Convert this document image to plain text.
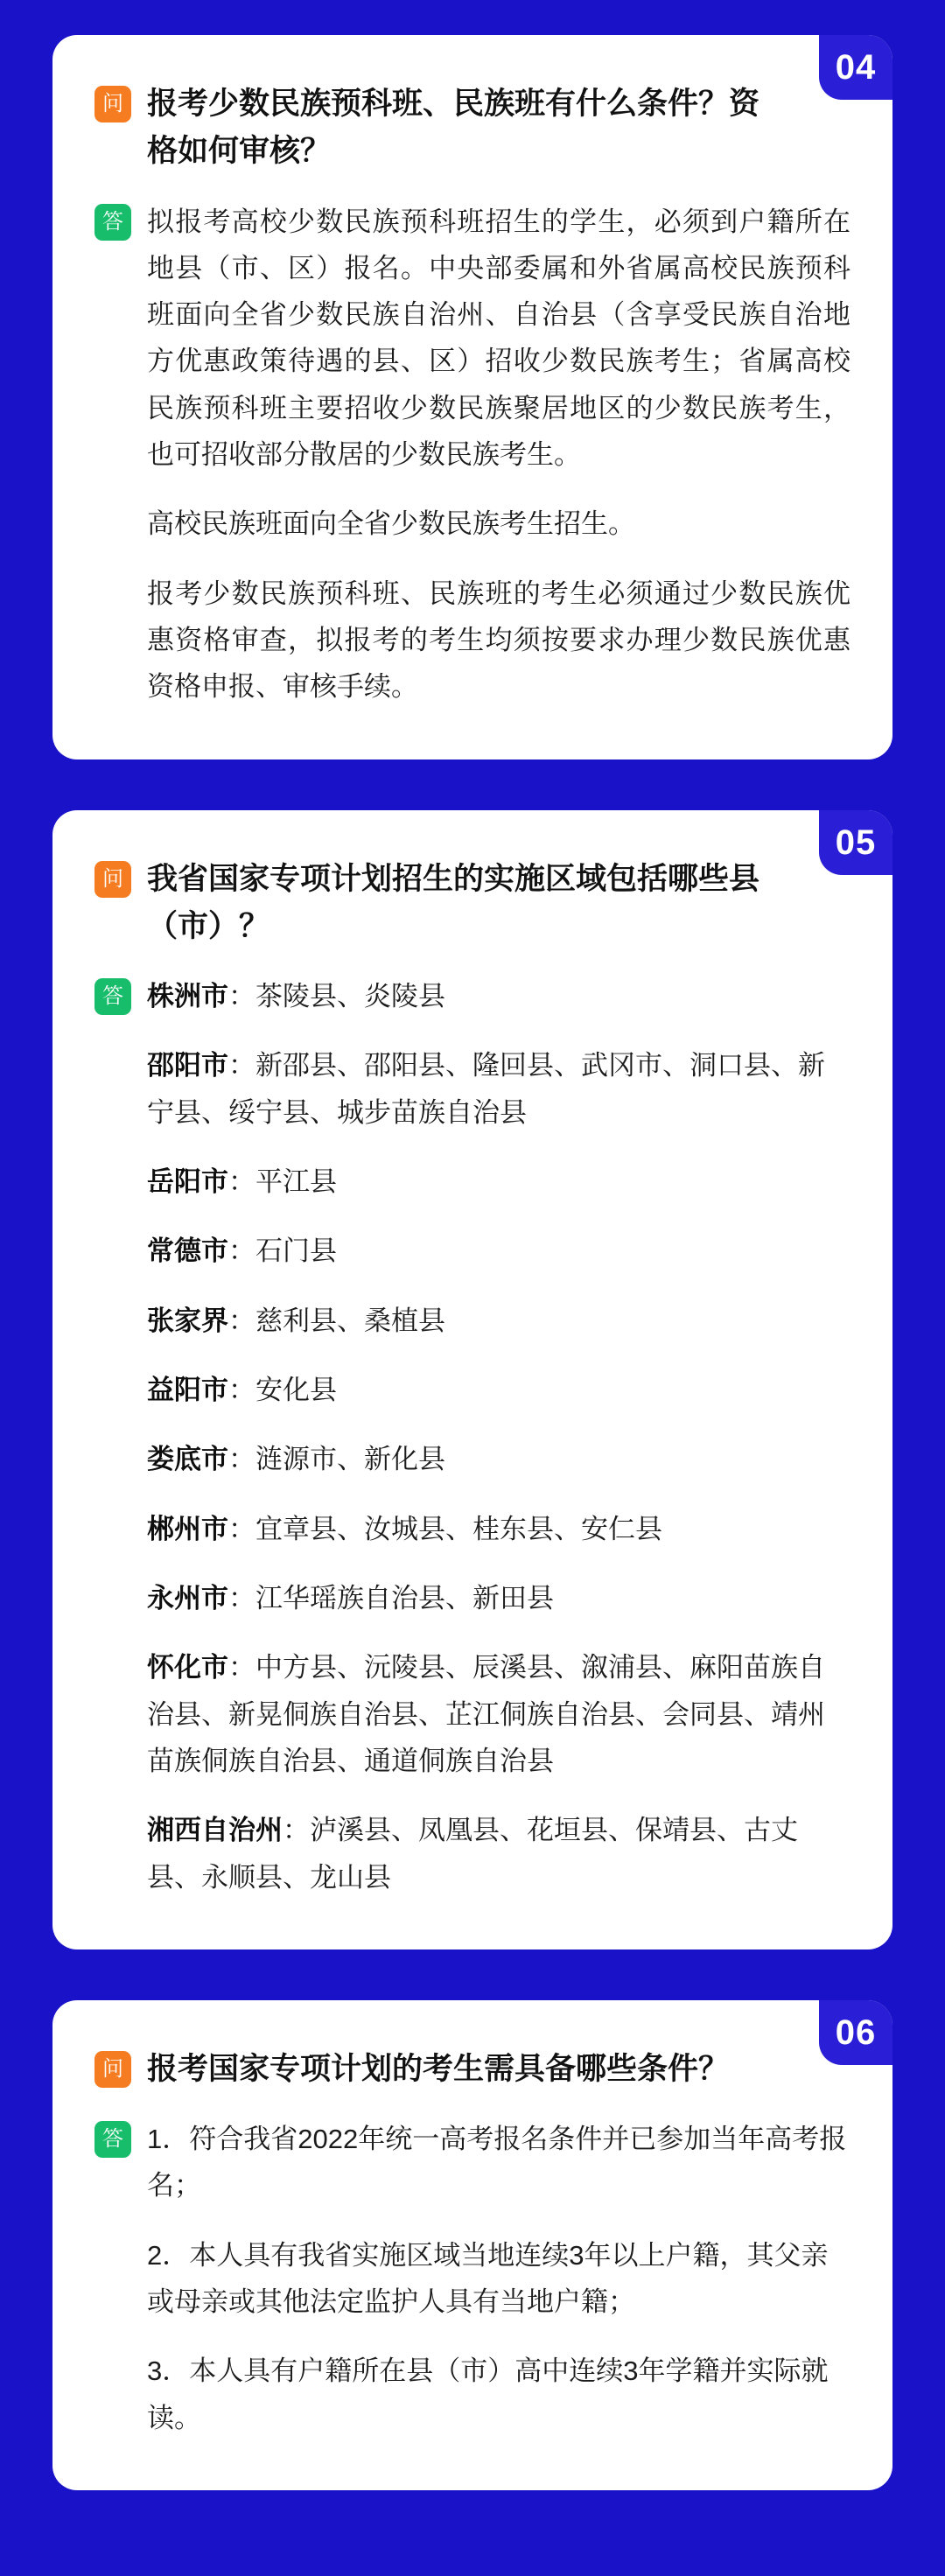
04
问 报考少数民族预科班、民族班有什么条件？资格如何审核？
答 拟报考高校少数民族预科班招生的学生，必须到户籍所在地县（市、区）报名。中央部委属和外省属高校民族预科班面向全省少数民族自治州、自治县（含享受民族自治地方优惠政策待遇的县、区）招收少数民族考生；省属高校民族预科班主要招收少数民族聚居地区的少数民族考生，也可招收部分散居的少数民族考生。

高校民族班面向全省少数民族考生招生。

报考少数民族预科班、民族班的考生必须通过少数民族优惠资格审查，拟报考的考生均须按要求办理少数民族优惠资格申报、审核手续。

05
问 我省国家专项计划招生的实施区域包括哪些县（市）？
答 株洲市：茶陵县、炎陵县
邵阳市：新邵县、邵阳县、隆回县、武冈市、洞口县、新宁县、绥宁县、城步苗族自治县
岳阳市：平江县
常德市：石门县
张家界：慈利县、桑植县
益阳市：安化县
娄底市：涟源市、新化县
郴州市：宜章县、汝城县、桂东县、安仁县
永州市：江华瑶族自治县、新田县
怀化市：中方县、沅陵县、辰溪县、溆浦县、麻阳苗族自治县、新晃侗族自治县、芷江侗族自治县、会同县、靖州苗族侗族自治县、通道侗族自治县
湘西自治州：泸溪县、凤凰县、花垣县、保靖县、古丈县、永顺县、龙山县
06
问 报考国家专项计划的考生需具备哪些条件？
答 1．符合我省2022年统一高考报名条件并已参加当年高考报名；
2．本人具有我省实施区域当地连续3年以上户籍，其父亲或母亲或其他法定监护人具有当地户籍；
3．本人具有户籍所在县（市）高中连续3年学籍并实际就读。
